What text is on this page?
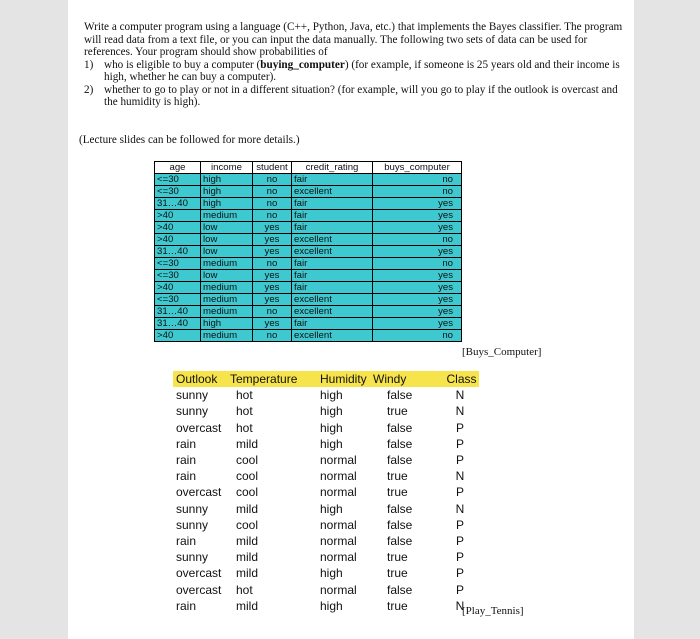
Write a computer program using a language (C++, Python, Java, etc.) that implements the Bayes classifier. The program will read data from a text file, or you can input the data manually. The following two sets of data can be used for references. Your program should show probabilities of

1) who is eligible to buy a computer (buying_computer) (for example, if someone is 25 years old and their income is high, whether he can buy a computer).
2) whether to go to play or not in a different situation? (for example, will you go to play if the outlook is overcast and the humidity is high).
(Lecture slides can be followed for more details.)
age	income	student	credit_rating	buys_computer
<=30	high	no	fair	no
<=30	high	no	excellent	no
31…40	high	no	fair	yes
>40	medium	no	fair	yes
>40	low	yes	fair	yes
>40	low	yes	excellent	no
31…40	low	yes	excellent	yes
<=30	medium	no	fair	no
<=30	low	yes	fair	yes
>40	medium	yes	fair	yes
<=30	medium	yes	excellent	yes
31…40	medium	no	excellent	yes
31…40	high	yes	fair	yes
>40	medium	no	excellent	no
[Buys_Computer]
Outlook	Temperature	Humidity	Windy	Class
sunny	hot	high	false	N
sunny	hot	high	true	N
overcast	hot	high	false	P
rain	mild	high	false	P
rain	cool	normal	false	P
rain	cool	normal	true	N
overcast	cool	normal	true	P
sunny	mild	high	false	N
sunny	cool	normal	false	P
rain	mild	normal	false	P
sunny	mild	normal	true	P
overcast	mild	high	true	P
overcast	hot	normal	false	P
rain	mild	high	true	N
[Play_Tennis]
